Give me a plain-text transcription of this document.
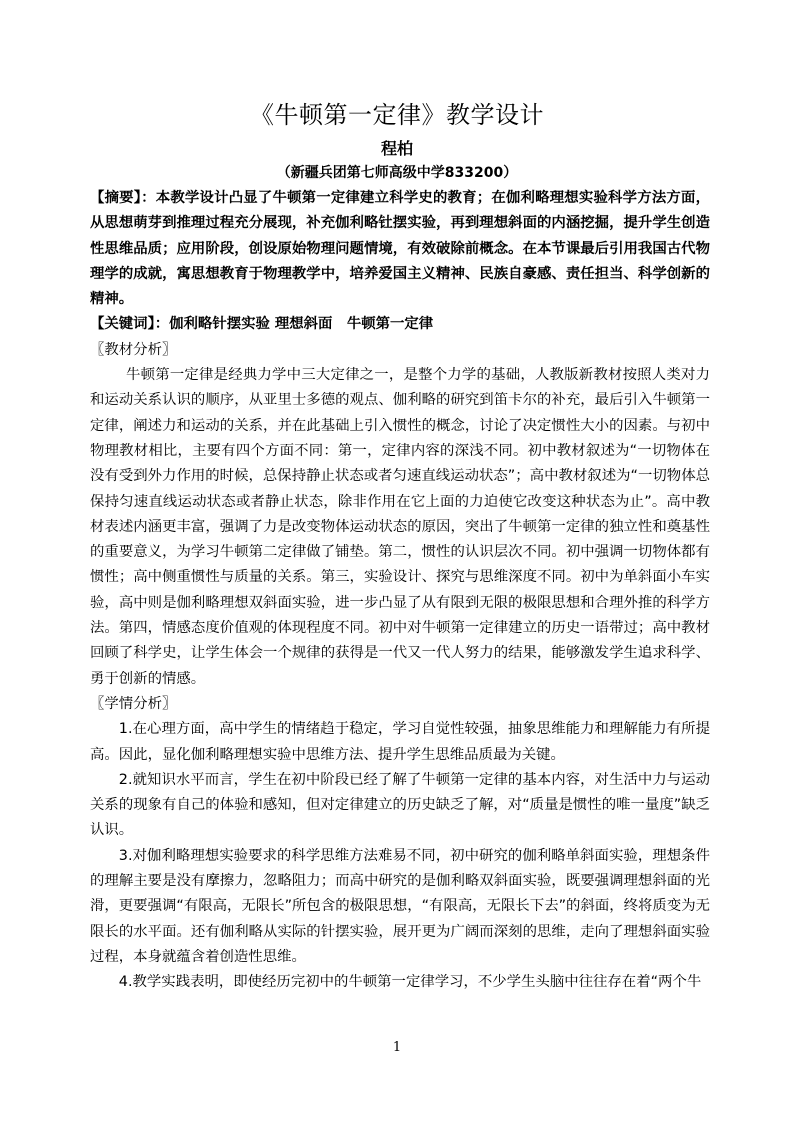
《牛顿第一定律》教学设计
程柏
（新疆兵团第七师高级中学833200）

【摘要】：本教学设计凸显了牛顿第一定律建立科学史的教育；在伽利略理想实验科学方法方面，从思想萌芽到推理过程充分展现，补充伽利略钍摆实验，再到理想斜面的内涵挖掘，提升学生创造性思维品质；应用阶段，创设原始物理问题情境，有效破除前概念。在本节课最后引用我国古代物理学的成就，寓思想教育于物理教学中，培养爱国主义精神、民族自豪感、责任担当、科学创新的精神。

【关键词】：伽利略针摆实验 理想斜面　牛顿第一定律

〖教材分析〗

牛顿第一定律是经典力学中三大定律之一，是整个力学的基础，人教版新教材按照人类对力和运动关系认识的顺序，从亚里士多德的观点、伽利略的研究到笛卡尔的补充，最后引入牛顿第一定律，阐述力和运动的关系，并在此基础上引入惯性的概念，讨论了决定惯性大小的因素。与初中物理教材相比，主要有四个方面不同：第一，定律内容的深浅不同。初中教材叙述为“一切物体在没有受到外力作用的时候，总保持静止状态或者匀速直线运动状态”；高中教材叙述为“一切物体总保持匀速直线运动状态或者静止状态，除非作用在它上面的力迫使它改变这种状态为止”。高中教材表述内涵更丰富，强调了力是改变物体运动状态的原因，突出了牛顿第一定律的独立性和奠基性的重要意义，为学习牛顿第二定律做了铺垫。第二，惯性的认识层次不同。初中强调一切物体都有惯性；高中侧重惯性与质量的关系。第三，实验设计、探究与思维深度不同。初中为单斜面小车实验，高中则是伽利略理想双斜面实验，进一步凸显了从有限到无限的极限思想和合理外推的科学方法。第四，情感态度价值观的体现程度不同。初中对牛顿第一定律建立的历史一语带过；高中教材回顾了科学史，让学生体会一个规律的获得是一代又一代人努力的结果，能够激发学生追求科学、勇于创新的情感。

〖学情分析〗

1.在心理方面，高中学生的情绪趋于稳定，学习自觉性较强，抽象思维能力和理解能力有所提高。因此，显化伽利略理想实验中思维方法、提升学生思维品质最为关键。

2.就知识水平而言，学生在初中阶段已经了解了牛顿第一定律的基本内容，对生活中力与运动关系的现象有自己的体验和感知，但对定律建立的历史缺乏了解，对“质量是惯性的唯一量度”缺乏认识。

3.对伽利略理想实验要求的科学思维方法难易不同，初中研究的伽利略单斜面实验，理想条件的理解主要是没有摩擦力，忽略阻力；而高中研究的是伽利略双斜面实验，既要强调理想斜面的光滑，更要强调“有限高，无限长”所包含的极限思想，“有限高，无限长下去”的斜面，终将质变为无限长的水平面。还有伽利略从实际的针摆实验，展开更为广阔而深刻的思维，走向了理想斜面实验过程，本身就蕴含着创造性思维。

4.教学实践表明，即使经历完初中的牛顿第一定律学习，不少学生头脑中往往存在着“两个牛

1
